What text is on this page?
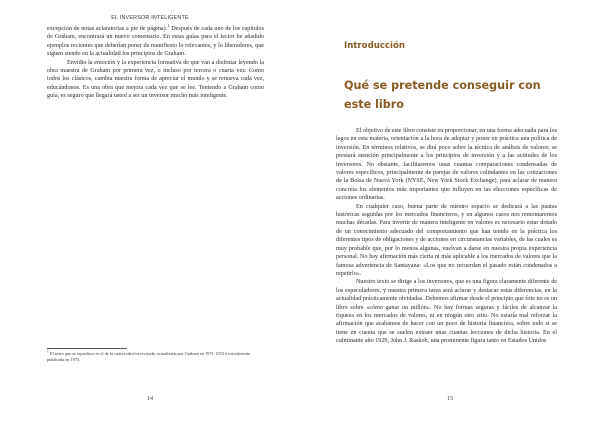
EL INVERSOR INTELIGENTE

excepción de notas aclaratorias a pie de página).$^1$ Después de cada uno de los capítulos de Graham, encontrará un nuevo comentario. En estas guías para el lector he añadido ejemplos recientes que deberían poner de manifiesto lo relevantes, y lo liberadores, que siguen siendo en la actualidad los principios de Graham.

Envidio la emoción y la experiencia formativa de que van a disfrutar leyendo la obra maestra de Graham por primera vez, o incluso por tercera o cuarta vez. Como todos los clásicos, cambia nuestra forma de apreciar el mundo y se renueva cada vez, educándonos. Es una obra que mejora cada vez que se lee. Teniendo a Graham como guía, es seguro que llegará usted a ser un inversor mucho más inteligente.

$^1$ El texto que se reproduce es el de la cuarta edición revisada, actualizada por Graham en 1971-1972 e inicialmente publicada en 1973.
14	15
Introducción
Qué se pretende conseguir con este libro

El objetivo de este libro consiste en proporcionar, en una forma adecuada para los legos en esta materia, orientación a la hora de adoptar y poner en práctica una política de inversión. En términos relativos, se dirá poco sobre la técnica de análisis de valores; se prestará atención principalmente a los principios de inversión y a las actitudes de los inversores. No obstante, facilitaremos unas cuantas comparaciones condensadas de valores específicos, principalmente de parejas de valores colindantes en las cotizaciones de la Bolsa de Nueva York (NYSE, New York Stock Exchange), para aclarar de manera concreta los elementos más importantes que influyen en las elecciones específicas de acciones ordinarias.

En cualquier caso, buena parte de nuestro espacio se dedicará a las pautas históricas seguidas por los mercados financieros, y en algunos casos nos remontaremos muchas décadas. Para invertir de manera inteligente en valores es necesario estar dotado de un conocimiento adecuado del comportamiento que han tenido en la práctica los diferentes tipos de obligaciones y de acciones en circunstancias variables, de las cuales es muy probable que, por lo menos algunas, vuelvan a darse en nuestra propia experiencia personal. No hay afirmación más cierta ni más aplicable a los mercados de valores que la famosa advertencia de Santayana: «Los que no recuerdan el pasado están condenados a repetirlo».

Nuestro texto se dirige a los inversores, que es una figura claramente diferente de los especuladores, y nuestra primera tarea será aclarar y destacar estas diferencias, en la actualidad prácticamente olvidadas. Debemos afirmar desde el principio que éste no es un libro sobre «cómo ganar un millón». No hay formas seguras y fáciles de alcanzar la riqueza en los mercados de valores, ni en ningún otro sitio. No estaría mal reforzar la afirmación que acabamos de hacer con un poco de historia financiera, sobre todo si se tiene en cuenta que se suelen extraer unas cuantas lecciones de dicha historia. En el culminante año 1929, John J. Raskob, una prominente figura tanto en Estados Unidos
